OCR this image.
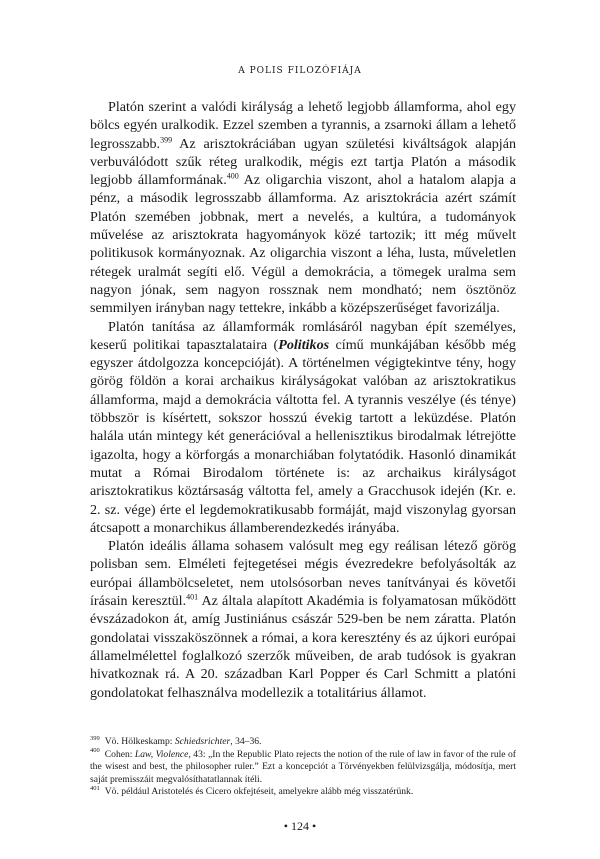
A POLIS FILOZÓFIÁJA

Platón szerint a valódi királyság a lehető legjobb államforma, ahol egy bölcs egyén uralkodik. Ezzel szemben a tyrannis, a zsarnoki állam a lehető legrosszabb.$^{399}$ Az arisztokráciában ugyan születési kiváltságok alapján verbuválódott szűk réteg uralkodik, mégis ezt tartja Platón a második legjobb államformának.$^{400}$ Az oligarchia viszont, ahol a hatalom alapja a pénz, a második legrosszabb államforma. Az arisztokrácia azért számít Platón szemében jobbnak, mert a nevelés, a kultúra, a tudományok művelése az arisztokrata hagyományok közé tartozik; itt még művelt politikusok kormányoznak. Az oligarchia viszont a léha, lusta, műveletlen rétegek uralmát segíti elő. Végül a demokrácia, a tömegek uralma sem nagyon jónak, sem nagyon rossznak nem mondható; nem ösztönöz semmilyen irányban nagy tettekre, inkább a középszerűséget favorizálja.

Platón tanítása az államformák romlásáról nagyban épít személyes, keserű politikai tapasztalataira (Politikos című munkájában később még egyszer átdolgozza koncepcióját). A történelmen végigtekintve tény, hogy görög földön a korai archaikus királyságokat valóban az arisztokratikus államforma, majd a demokrácia váltotta fel. A tyrannis veszélye (és ténye) többször is kísértett, sokszor hosszú évekig tartott a leküzdése. Platón halála után mintegy két generációval a hellenisztikus birodalmak létrejötte igazolta, hogy a körforgás a monarchiában folytatódik. Hasonló dinamikát mutat a Római Birodalom története is: az archaikus királyságot arisztokratikus köztársaság váltotta fel, amely a Gracchusok idején (Kr. e. 2. sz. vége) érte el legdemokratikusabb formáját, majd viszonylag gyorsan átcsapott a monarchikus államberendezkedés irányába.

Platón ideális állama sohasem valósult meg egy reálisan létező görög polisban sem. Elméleti fejtegetései mégis évezredekre befolyásolták az európai állambölcseletet, nem utolsósorban neves tanítványai és követői írásain keresztül.$^{401}$ Az általa alapított Akadémia is folyamatosan működött évszázadokon át, amíg Justiniánus császár 529-ben be nem záratta. Platón gondolatai visszaköszönnek a római, a kora keresztény és az újkori európai államelmélettel foglalkozó szerzők műveiben, de arab tudósok is gyakran hivatkoznak rá. A 20. században Karl Popper és Carl Schmitt a platóni gondolatokat felhasználva modellezik a totalitárius államot.

$^{399}$ Vö. Hölkeskamp: Schiedsrichter, 34–36.

$^{400}$ Cohen: Law, Violence, 43: „In the Republic Plato rejects the notion of the rule of law in favor of the rule of the wisest and best, the philosopher ruler.” Ezt a koncepciót a Törvényekben felülvizsgálja, módosítja, mert saját premisszáit megvalósíthatatlannak ítéli.

$^{401}$ Vö. például Aristotelés és Cicero okfejtéseit, amelyekre alább még visszatérünk.

• 124 •
